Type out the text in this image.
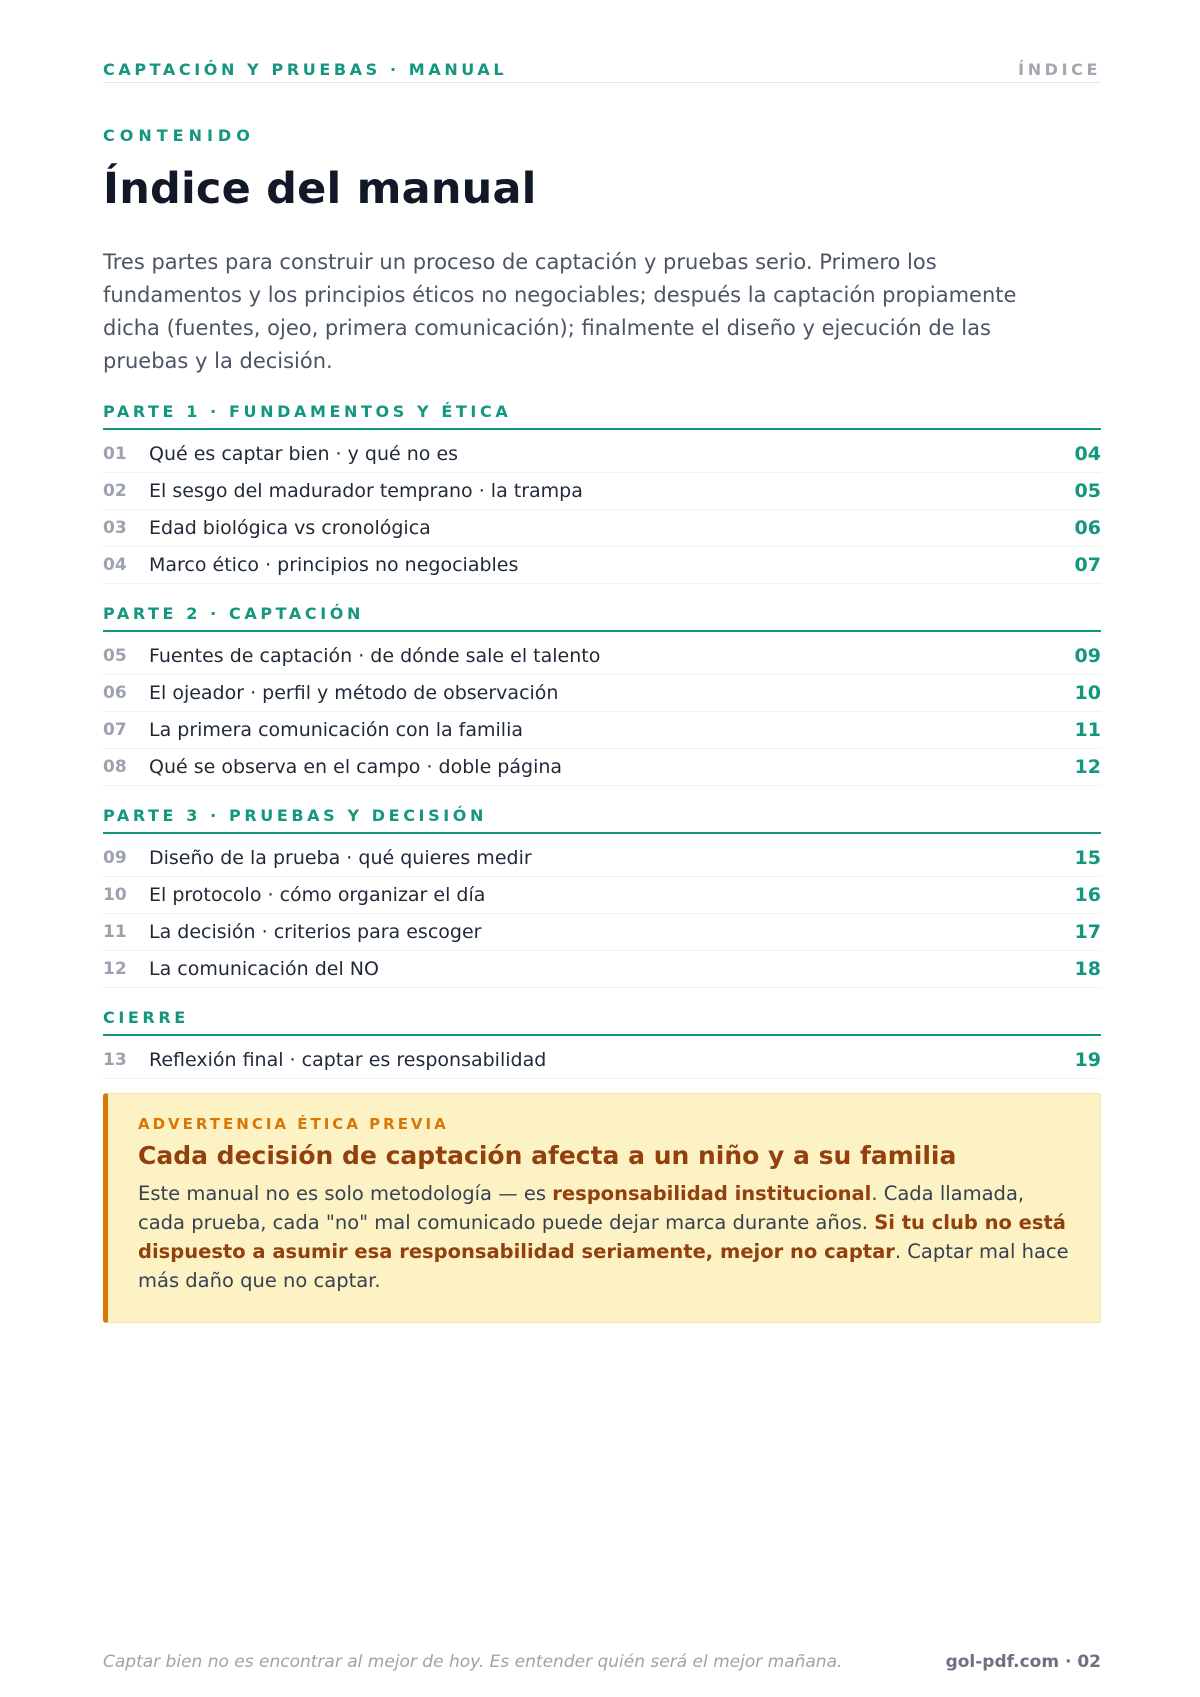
CAPTACIÓN Y PRUEBAS · MANUAL	ÍNDICE
CONTENIDO
Índice del manual

Tres partes para construir un proceso de captación y pruebas serio. Primero los fundamentos y los principios éticos no negociables; después la captación propiamente dicha (fuentes, ojeo, primera comunicación); finalmente el diseño y ejecución de las pruebas y la decisión.

PARTE 1 · FUNDAMENTOS Y ÉTICA
01	Qué es captar bien · y qué no es	04
02	El sesgo del madurador temprano · la trampa	05
03	Edad biológica vs cronológica	06
04	Marco ético · principios no negociables	07
PARTE 2 · CAPTACIÓN
05	Fuentes de captación · de dónde sale el talento	09
06	El ojeador · perfil y método de observación	10
07	La primera comunicación con la familia	11
08	Qué se observa en el campo · doble página	12
PARTE 3 · PRUEBAS Y DECISIÓN
09	Diseño de la prueba · qué quieres medir	15
10	El protocolo · cómo organizar el día	16
11	La decisión · criterios para escoger	17
12	La comunicación del NO	18
CIERRE
13	Reflexión final · captar es responsabilidad	19
ADVERTENCIA ÉTICA PREVIA
Cada decisión de captación afecta a un niño y a su familia
Este manual no es solo metodología — es responsabilidad institucional. Cada llamada, cada prueba, cada "no" mal comunicado puede dejar marca durante años. Si tu club no está dispuesto a asumir esa responsabilidad seriamente, mejor no captar. Captar mal hace más daño que no captar.
Captar bien no es encontrar al mejor de hoy. Es entender quién será el mejor mañana.	gol-pdf.com · 02
